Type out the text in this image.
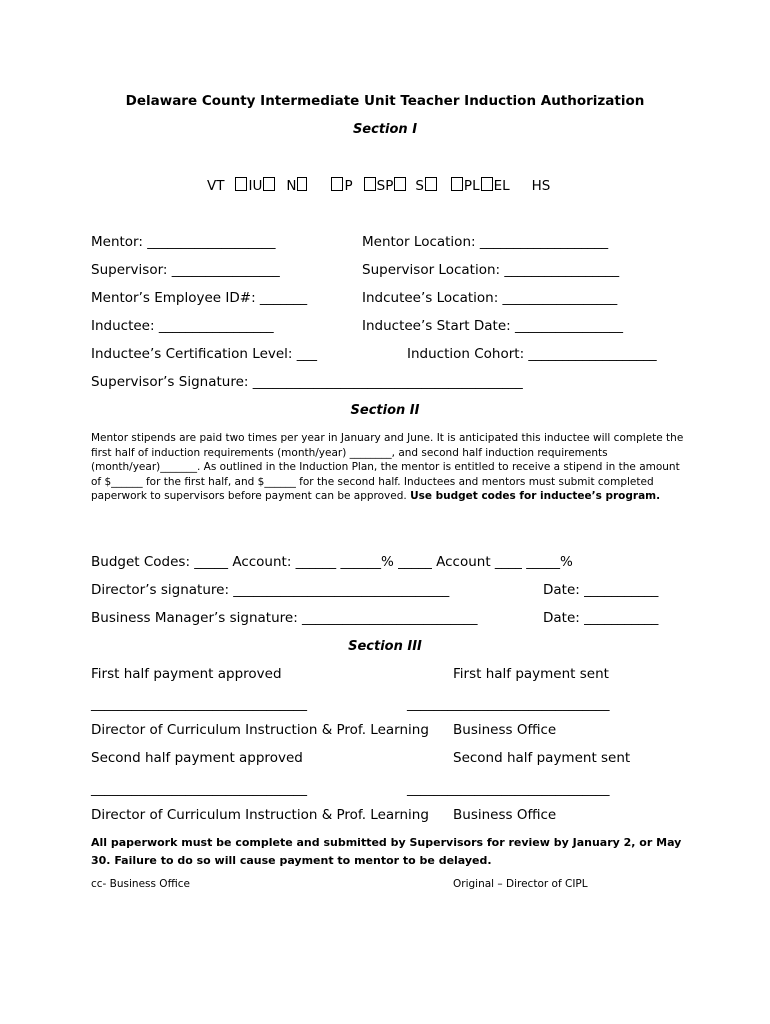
Delaware County Intermediate Unit Teacher Induction Authorization
Section I
VT IU N	P SP S	PL EL HS
Mentor: ___________________	Mentor Location: ___________________
Supervisor: ________________	Supervisor Location: _________________
Mentor’s Employee ID#: _______	Indcutee’s Location: _________________
Inductee: _________________	Inductee’s Start Date: ________________
Inductee’s Certification Level: ___	Induction Cohort: ___________________
Supervisor’s Signature: ________________________________________
Section II
Mentor stipends are paid two times per year in January and June. It is anticipated this inductee will complete the first half of induction requirements (month/year) ________, and second half induction requirements (month/year)_______. As outlined in the Induction Plan, the mentor is entitled to receive a stipend in the amount of $______ for the first half, and $______ for the second half. Inductees and mentors must submit completed paperwork to supervisors before payment can be approved. Use budget codes for inductee’s program.
Budget Codes: _____ Account: ______ ______% _____ Account ____ _____%
Director’s signature: ________________________________	Date: ___________
Business Manager’s signature: __________________________	Date: ___________
Section III
First half payment approved	First half payment sent
________________________________	______________________________
Director of Curriculum Instruction & Prof. Learning Business Office
Second half payment approved	Second half payment sent
________________________________	______________________________
Director of Curriculum Instruction & Prof. Learning Business Office
All paperwork must be complete and submitted by Supervisors for review by January 2, or May 30. Failure to do so will cause payment to mentor to be delayed.
cc- Business Office	Original – Director of CIPL
